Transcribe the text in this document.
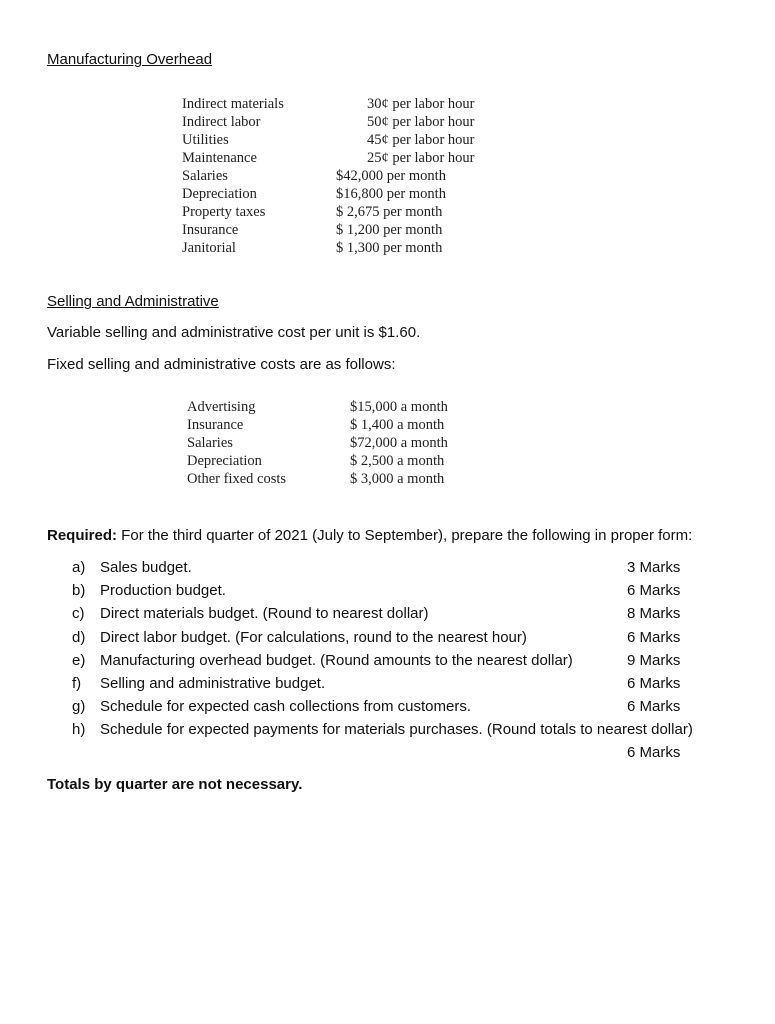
Manufacturing Overhead
Indirect materials	30¢ per labor hour
Indirect labor	50¢ per labor hour
Utilities	45¢ per labor hour
Maintenance	25¢ per labor hour
Salaries	$42,000 per month
Depreciation	$16,800 per month
Property taxes	$ 2,675 per month
Insurance	$ 1,200 per month
Janitorial	$ 1,300 per month
Selling and Administrative
Variable selling and administrative cost per unit is $1.60.
Fixed selling and administrative costs are as follows:
Advertising	$15,000 a month
Insurance	$ 1,400 a month
Salaries	$72,000 a month
Depreciation	$ 2,500 a month
Other fixed costs	$ 3,000 a month
Required: For the third quarter of 2021 (July to September), prepare the following in proper form:
a) Sales budget.	3 Marks
b) Production budget.	6 Marks
c)	Direct materials budget. (Round to nearest dollar)	8 Marks
d) Direct labor budget. (For calculations, round to the nearest hour)	6 Marks
e) Manufacturing overhead budget. (Round amounts to the nearest dollar)	9 Marks
f)	Selling and administrative budget.	6 Marks
g) Schedule for expected cash collections from customers.	6 Marks
h) Schedule for expected payments for materials purchases. (Round totals to nearest dollar)
6 Marks
Totals by quarter are not necessary.
